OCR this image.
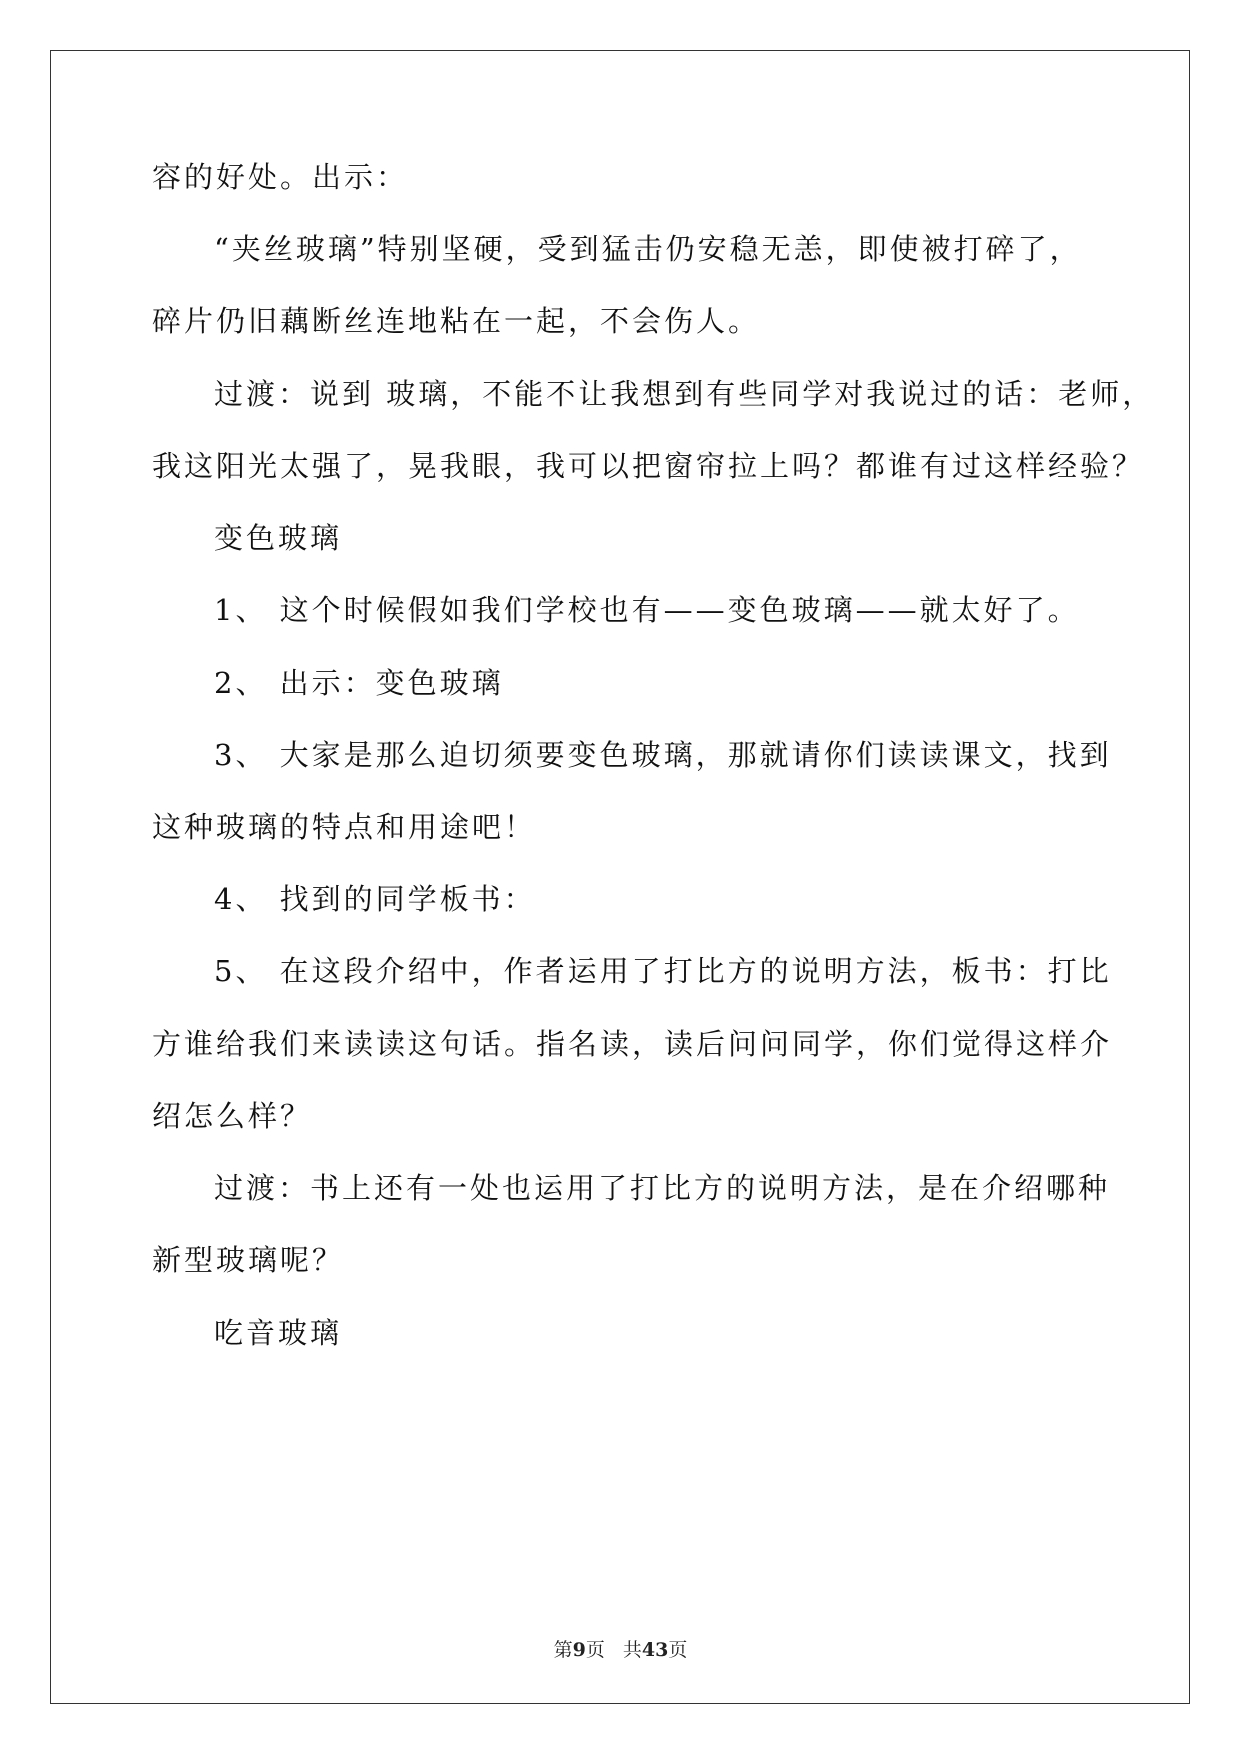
容的好处。出示：
“夹丝玻璃”特别坚硬，受到猛击仍安稳无恙，即使被打碎了，
碎片仍旧藕断丝连地粘在一起，不会伤人。
过渡：说到 玻璃，不能不让我想到有些同学对我说过的话：老师，
我这阳光太强了，晃我眼，我可以把窗帘拉上吗？都谁有过这样经验？
变色玻璃
1、 这个时候假如我们学校也有——变色玻璃——就太好了。
2、 出示：变色玻璃
3、 大家是那么迫切须要变色玻璃，那就请你们读读课文，找到
这种玻璃的特点和用途吧！
4、 找到的同学板书：
5、 在这段介绍中，作者运用了打比方的说明方法，板书：打比
方谁给我们来读读这句话。指名读，读后问问同学，你们觉得这样介
绍怎么样？
过渡：书上还有一处也运用了打比方的说明方法，是在介绍哪种
新型玻璃呢？
吃音玻璃
第9页 共43页
